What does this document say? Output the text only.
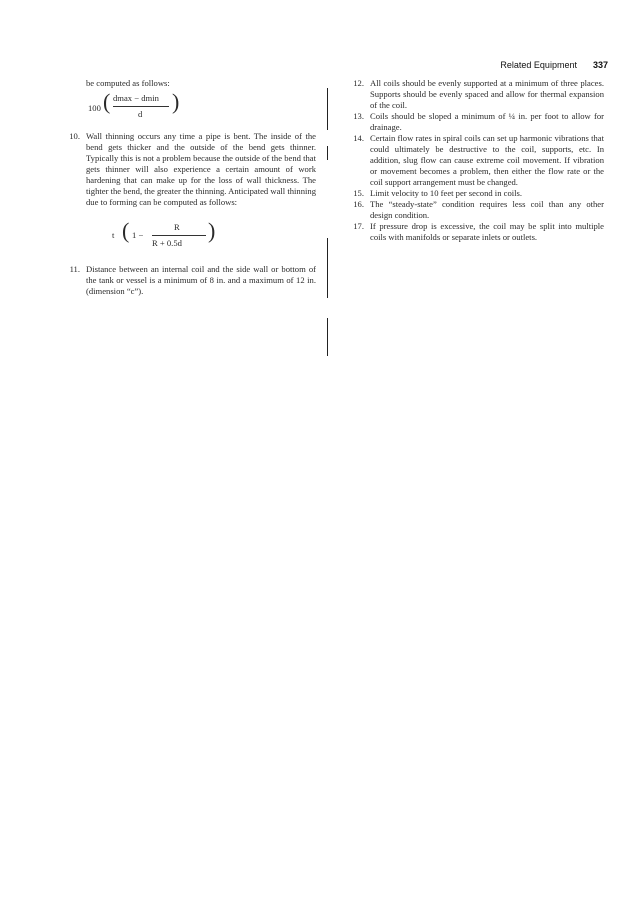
Related Equipment 337
be computed as follows:
100 ( dmax − dmin
d )
10. Wall thinning occurs any time a pipe is bent. The inside of the bend gets thicker and the outside of the bend gets thinner. Typically this is not a problem because the outside of the bend that gets thinner will also experience a certain amount of work hardening that can make up for the loss of wall thickness. The tighter the bend, the greater the thinning. Anticipated wall thinning due to forming can be computed as follows:
t ( 1 −
R
R + 0.5d )
11. Distance between an internal coil and the side wall or bottom of the tank or vessel is a minimum of 8 in. and a maximum of 12 in. (dimension “c”).
12. All coils should be evenly supported at a minimum of three places. Supports should be evenly spaced and allow for thermal expansion of the coil.
13. Coils should be sloped a minimum of ¼ in. per foot to allow for drainage.
14. Certain flow rates in spiral coils can set up harmonic vibrations that could ultimately be destructive to the coil, supports, etc. In addition, slug flow can cause extreme coil movement. If vibration or movement becomes a problem, then either the flow rate or the coil support arrangement must be changed.
15. Limit velocity to 10 feet per second in coils.
16. The “steady-state” condition requires less coil than any other design condition.
17. If pressure drop is excessive, the coil may be split into multiple coils with manifolds or separate inlets or outlets.
